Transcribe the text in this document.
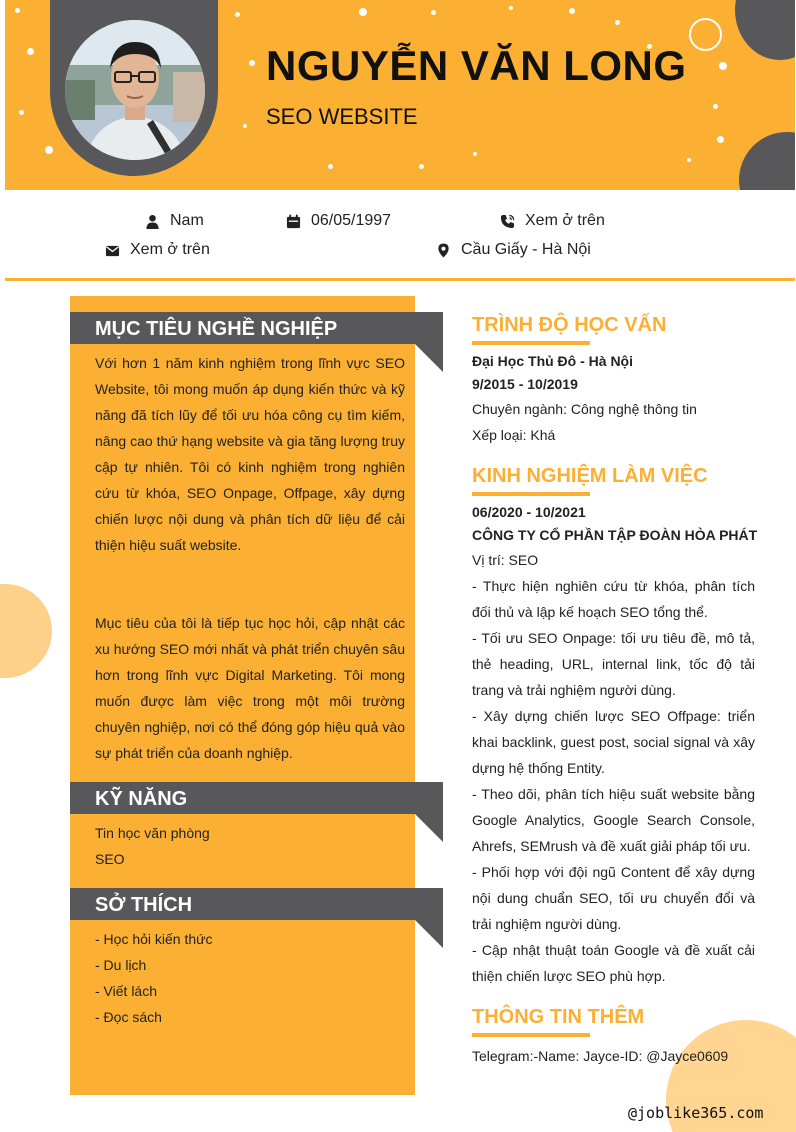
NGUYỄN VĂN LONG
SEO WEBSITE
Nam	06/05/1997	Xem ở trên
Xem ở trên	Cầu Giấy - Hà Nội
MỤC TIÊU NGHỀ NGHIỆP
Với hơn 1 năm kinh nghiệm trong lĩnh vực SEO Website, tôi mong muốn áp dụng kiến thức và kỹ năng đã tích lũy để tối ưu hóa công cụ tìm kiếm, nâng cao thứ hạng website và gia tăng lượng truy cập tự nhiên. Tôi có kinh nghiệm trong nghiên cứu từ khóa, SEO Onpage, Offpage, xây dựng chiến lược nội dung và phân tích dữ liệu để cải thiện hiệu suất website.
Mục tiêu của tôi là tiếp tục học hỏi, cập nhật các xu hướng SEO mới nhất và phát triển chuyên sâu hơn trong lĩnh vực Digital Marketing. Tôi mong muốn được làm việc trong một môi trường chuyên nghiệp, nơi có thể đóng góp hiệu quả vào sự phát triển của doanh nghiệp.
KỸ NĂNG
Tin học văn phòng
SEO
SỞ THÍCH
- Học hỏi kiến thức
- Du lịch
- Viết lách
- Đọc sách
TRÌNH ĐỘ HỌC VẤN
Đại Học Thủ Đô - Hà Nội
9/2015 - 10/2019
Chuyên ngành: Công nghệ thông tin
Xếp loại: Khá
KINH NGHIỆM LÀM VIỆC
06/2020 - 10/2021
CÔNG TY CỔ PHẦN TẬP ĐOÀN HÒA PHÁT
Vị trí: SEO
- Thực hiện nghiên cứu từ khóa, phân tích đối thủ và lập kế hoạch SEO tổng thể.
- Tối ưu SEO Onpage: tối ưu tiêu đề, mô tả, thẻ heading, URL, internal link, tốc độ tải trang và trải nghiệm người dùng.
- Xây dựng chiến lược SEO Offpage: triển khai backlink, guest post, social signal và xây dựng hệ thống Entity.
- Theo dõi, phân tích hiệu suất website bằng Google Analytics, Google Search Console, Ahrefs, SEMrush và đề xuất giải pháp tối ưu.
- Phối hợp với đội ngũ Content để xây dựng nội dung chuẩn SEO, tối ưu chuyển đổi và trải nghiệm người dùng.
- Cập nhật thuật toán Google và đề xuất cải thiện chiến lược SEO phù hợp.
THÔNG TIN THÊM
Telegram:-Name: Jayce-ID: @Jayce0609
@joblike365.com
